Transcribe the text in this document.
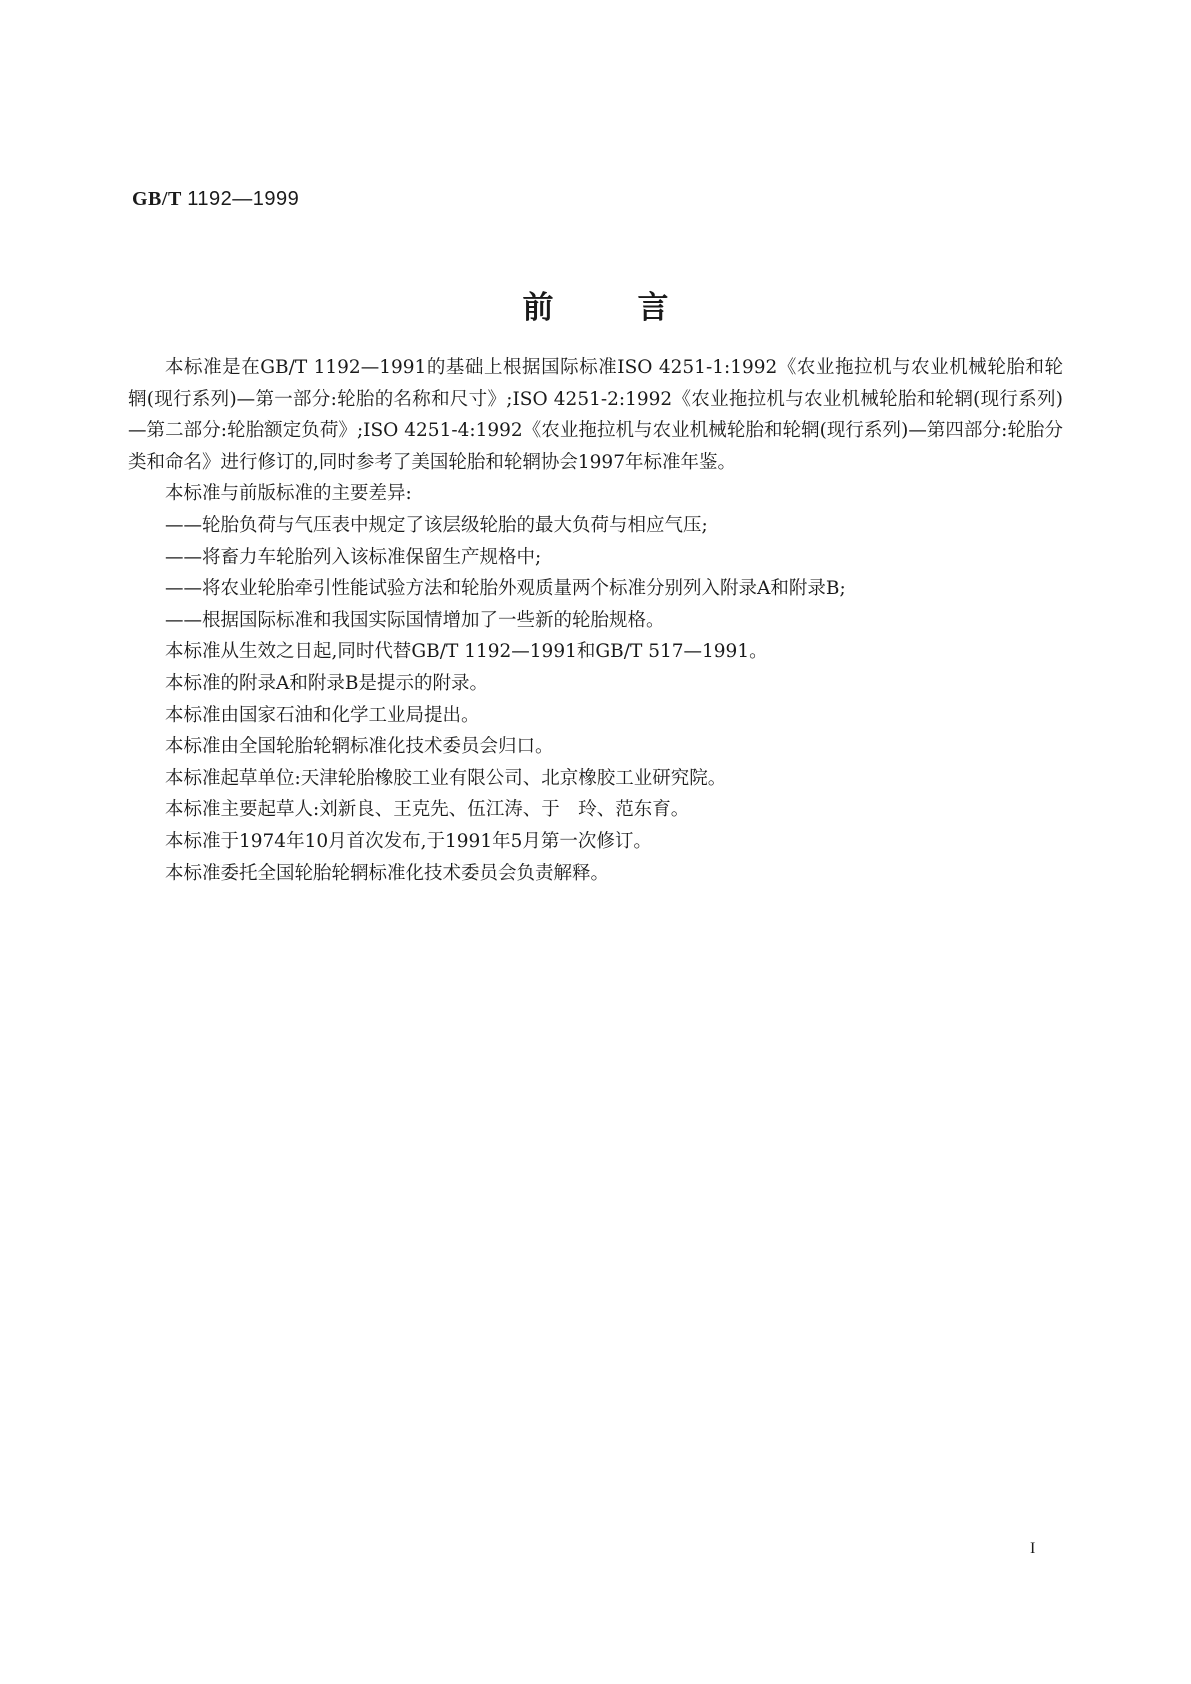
GB/T 1192—1999
前言

本标准是在GB/T 1192—1991的基础上根据国际标准ISO 4251-1:1992《农业拖拉机与农业机械轮胎和轮辋(现行系列)—第一部分:轮胎的名称和尺寸》;ISO 4251-2:1992《农业拖拉机与农业机械轮胎和轮辋(现行系列)—第二部分:轮胎额定负荷》;ISO 4251-4:1992《农业拖拉机与农业机械轮胎和轮辋(现行系列)—第四部分:轮胎分类和命名》进行修订的,同时参考了美国轮胎和轮辋协会1997年标准年鉴。

本标准与前版标准的主要差异:

——轮胎负荷与气压表中规定了该层级轮胎的最大负荷与相应气压;

——将畜力车轮胎列入该标准保留生产规格中;

——将农业轮胎牵引性能试验方法和轮胎外观质量两个标准分别列入附录A和附录B;

——根据国际标准和我国实际国情增加了一些新的轮胎规格。

本标准从生效之日起,同时代替GB/T 1192—1991和GB/T 517—1991。

本标准的附录A和附录B是提示的附录。

本标准由国家石油和化学工业局提出。

本标准由全国轮胎轮辋标准化技术委员会归口。

本标准起草单位:天津轮胎橡胶工业有限公司、北京橡胶工业研究院。

本标准主要起草人:刘新良、王克先、伍江涛、于　玲、范东育。

本标准于1974年10月首次发布,于1991年5月第一次修订。

本标准委托全国轮胎轮辋标准化技术委员会负责解释。

I
